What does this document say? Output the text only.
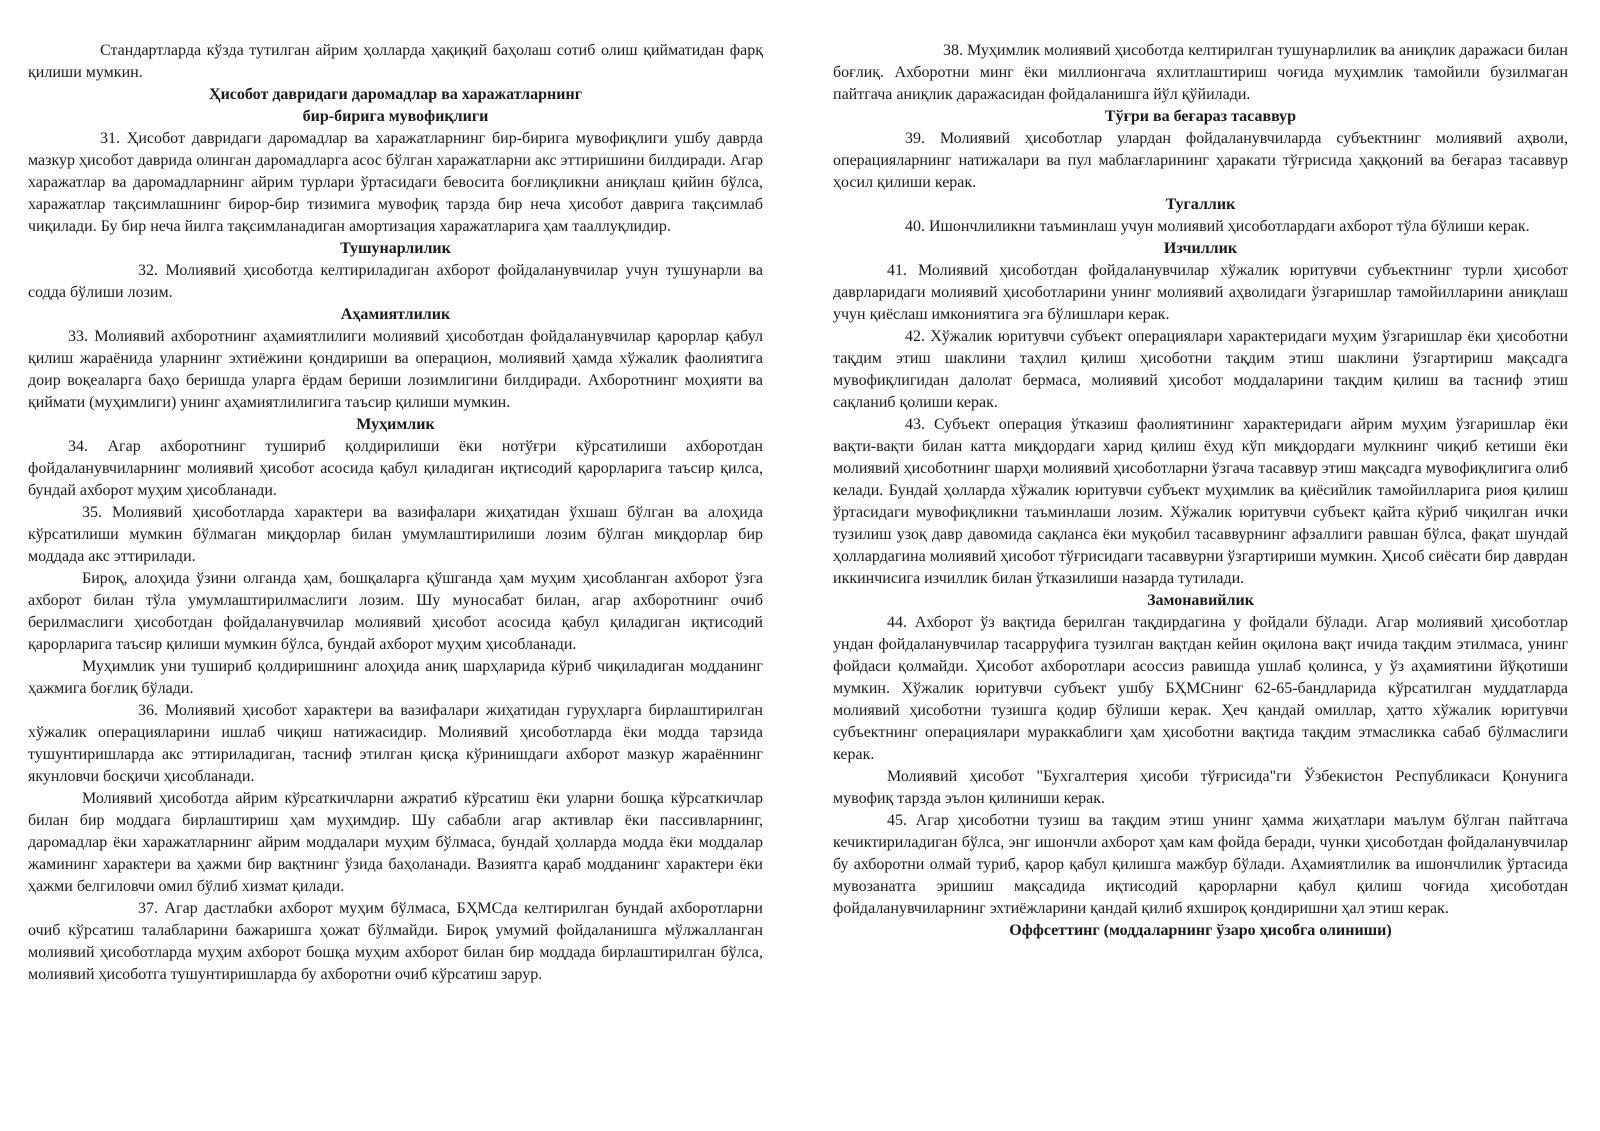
Стандартларда кўзда тутилган айрим ҳолларда ҳақиқий баҳолаш сотиб олиш қийматидан фарқ қилиши мумкин.

Ҳисобот давридаги даромадлар ва харажатларнинг
бир-бирига мувофиқлиги

31. Ҳисобот давридаги даромадлар ва харажатларнинг бир-бирига мувофиқлиги ушбу даврда мазкур ҳисобот даврида олинган даромадларга асос бўлган харажатларни акс эттиришини билдиради. Агар харажатлар ва даромадларнинг айрим турлари ўртасидаги бевосита боғлиқликни аниқлаш қийин бўлса, харажатлар тақсимлашнинг бирор-бир тизимига мувофиқ тарзда бир неча ҳисобот даврига тақсимлаб чиқилади. Бу бир неча йилга тақсимланадиган амортизация харажатларига ҳам тааллуқлидир.

Тушунарлилик

32. Молиявий ҳисоботда келтириладиган ахборот фойдаланувчилар учун тушунарли ва содда бўлиши лозим.

Аҳамиятлилик

33. Молиявий ахборотнинг аҳамиятлилиги молиявий ҳисоботдан фойдаланувчилар қарорлар қабул қилиш жараёнида уларнинг эхтиёжини қондириши ва операцион, молиявий ҳамда хўжалик фаолиятига доир воқеаларга баҳо беришда уларга ёрдам бериши лозимлигини билдиради. Ахборотнинг моҳияти ва қиймати (муҳимлиги) унинг аҳамиятлилигига таъсир қилиши мумкин.

Муҳимлик

34. Агар ахборотнинг тушириб қолдирилиши ёки нотўғри кўрсатилиши ахборотдан фойдаланувчиларнинг молиявий ҳисобот асосида қабул қиладиган иқтисодий қарорларига таъсир қилса, бундай ахборот муҳим ҳисобланади.

35. Молиявий ҳисоботларда характери ва вазифалари жиҳатидан ўхшаш бўлган ва алоҳида кўрсатилиши мумкин бўлмаган миқдорлар билан умумлаштирилиши лозим бўлган миқдорлар бир моддада акс эттирилади.

Бироқ, алоҳида ўзини олганда ҳам, бошқаларга қўшганда ҳам муҳим ҳисобланган ахборот ўзга ахборот билан тўла умумлаштирилмаслиги лозим. Шу муносабат билан, агар ахборотнинг очиб берилмаслиги ҳисоботдан фойдаланувчилар молиявий ҳисобот асосида қабул қиладиган иқтисодий қарорларига таъсир қилиши мумкин бўлса, бундай ахборот муҳим ҳисобланади.

Муҳимлик уни тушириб қолдиришнинг алоҳида аниқ шарҳларида кўриб чиқиладиган модданинг ҳажмига боғлиқ бўлади.

36. Молиявий ҳисобот характери ва вазифалари жиҳатидан гуруҳларга бирлаштирилган хўжалик операцияларини ишлаб чиқиш натижасидир. Молиявий ҳисоботларда ёки модда тарзида тушунтиришларда акс эттириладиган, тасниф этилган қисқа кўринишдаги ахборот мазкур жараённинг якунловчи босқичи ҳисобланади.

Молиявий ҳисоботда айрим кўрсаткичларни ажратиб кўрсатиш ёки уларни бошқа кўрсаткичлар билан бир моддага бирлаштириш ҳам муҳимдир. Шу сабабли агар активлар ёки пассивларнинг, даромадлар ёки харажатларнинг айрим моддалари муҳим бўлмаса, бундай ҳолларда модда ёки моддалар жамининг характери ва ҳажми бир вақтнинг ўзида баҳоланади. Вазиятга қараб модданинг характери ёки ҳажми белгиловчи омил бўлиб хизмат қилади.

37. Агар дастлабки ахборот муҳим бўлмаса, БҲМСда келтирилган бундай ахборотларни очиб кўрсатиш талабларини бажаришга ҳожат бўлмайди. Бироқ умумий фойдаланишга мўлжалланган молиявий ҳисоботларда муҳим ахборот бошқа муҳим ахборот билан бир моддада бирлаштирилган бўлса, молиявий ҳисоботга тушунтиришларда бу ахборотни очиб кўрсатиш зарур.

38. Муҳимлик молиявий ҳисоботда келтирилган тушунарлилик ва аниқлик даражаси билан боғлиқ. Ахборотни минг ёки миллионгача яхлитлаштириш чоғида муҳимлик тамойили бузилмаган пайтгача аниқлик даражасидан фойдаланишга йўл қўйилади.

Тўғри ва беғараз тасаввур

39. Молиявий ҳисоботлар улардан фойдаланувчиларда субъектнинг молиявий аҳволи, операцияларнинг натижалари ва пул маблағларининг ҳаракати тўғрисида ҳаққоний ва беғараз тасаввур ҳосил қилиши керак.

Тугаллик

40. Ишончлиликни таъминлаш учун молиявий ҳисоботлардаги ахборот тўла бўлиши керак.

Изчиллик

41. Молиявий ҳисоботдан фойдаланувчилар хўжалик юритувчи субъектнинг турли ҳисобот даврларидаги молиявий ҳисоботларини унинг молиявий аҳволидаги ўзгаришлар тамойилларини аниқлаш учун қиёслаш имкониятига эга бўлишлари керак.

42. Хўжалик юритувчи субъект операциялари характеридаги муҳим ўзгаришлар ёки ҳисоботни тақдим этиш шаклини таҳлил қилиш ҳисоботни тақдим этиш шаклини ўзгартириш мақсадга мувофиқлигидан далолат бермаса, молиявий ҳисобот моддаларини тақдим қилиш ва тасниф этиш сақланиб қолиши керак.

43. Субъект операция ўтказиш фаолиятининг характеридаги айрим муҳим ўзгаришлар ёки вақти-вақти билан катта миқдордаги харид қилиш ёхуд кўп миқдордаги мулкнинг чиқиб кетиши ёки молиявий ҳисоботнинг шарҳи молиявий ҳисоботларни ўзгача тасаввур этиш мақсадга мувофиқлигига олиб келади. Бундай ҳолларда хўжалик юритувчи субъект муҳимлик ва қиёсийлик тамойилларига риоя қилиш ўртасидаги мувофиқликни таъминлаши лозим. Хўжалик юритувчи субъект қайта кўриб чиқилган ички тузилиш узоқ давр давомида сақланса ёки муқобил тасаввурнинг афзаллиги равшан бўлса, фақат шундай ҳоллардагина молиявий ҳисобот тўғрисидаги тасаввурни ўзгартириши мумкин. Ҳисоб сиёсати бир даврдан иккинчисига изчиллик билан ўтказилиши назарда тутилади.

Замонавийлик

44. Ахборот ўз вақтида берилган тақдирдагина у фойдали бўлади. Агар молиявий ҳисоботлар ундан фойдаланувчилар тасарруфига тузилган вақтдан кейин оқилона вақт ичида тақдим этилмаса, унинг фойдаси қолмайди. Ҳисобот ахборотлари асоссиз равишда ушлаб қолинса, у ўз аҳамиятини йўқотиши мумкин. Хўжалик юритувчи субъект ушбу БҲМСнинг 62-65-бандларида кўрсатилган муддатларда молиявий ҳисоботни тузишга қодир бўлиши керак. Ҳеч қандай омиллар, ҳатто хўжалик юритувчи субъектнинг операциялари мураккаблиги ҳам ҳисоботни вақтида тақдим этмасликка сабаб бўлмаслиги керак.

Молиявий ҳисобот "Бухгалтерия ҳисоби тўғрисида"ги Ўзбекистон Республикаси Қонунига мувофиқ тарзда эълон қилиниши керак.

45. Агар ҳисоботни тузиш ва тақдим этиш унинг ҳамма жиҳатлари маълум бўлган пайтгача кечиктириладиган бўлса, энг ишончли ахборот ҳам кам фойда беради, чунки ҳисоботдан фойдаланувчилар бу ахборотни олмай туриб, қарор қабул қилишга мажбур бўлади. Аҳамиятлилик ва ишончлилик ўртасида мувозанатга эришиш мақсадида иқтисодий қарорларни қабул қилиш чоғида ҳисоботдан фойдаланувчиларнинг эхтиёжларини қандай қилиб яхшироқ қондиришни ҳал этиш керак.

Оффсеттинг (моддаларнинг ўзаро ҳисобга олиниши)
